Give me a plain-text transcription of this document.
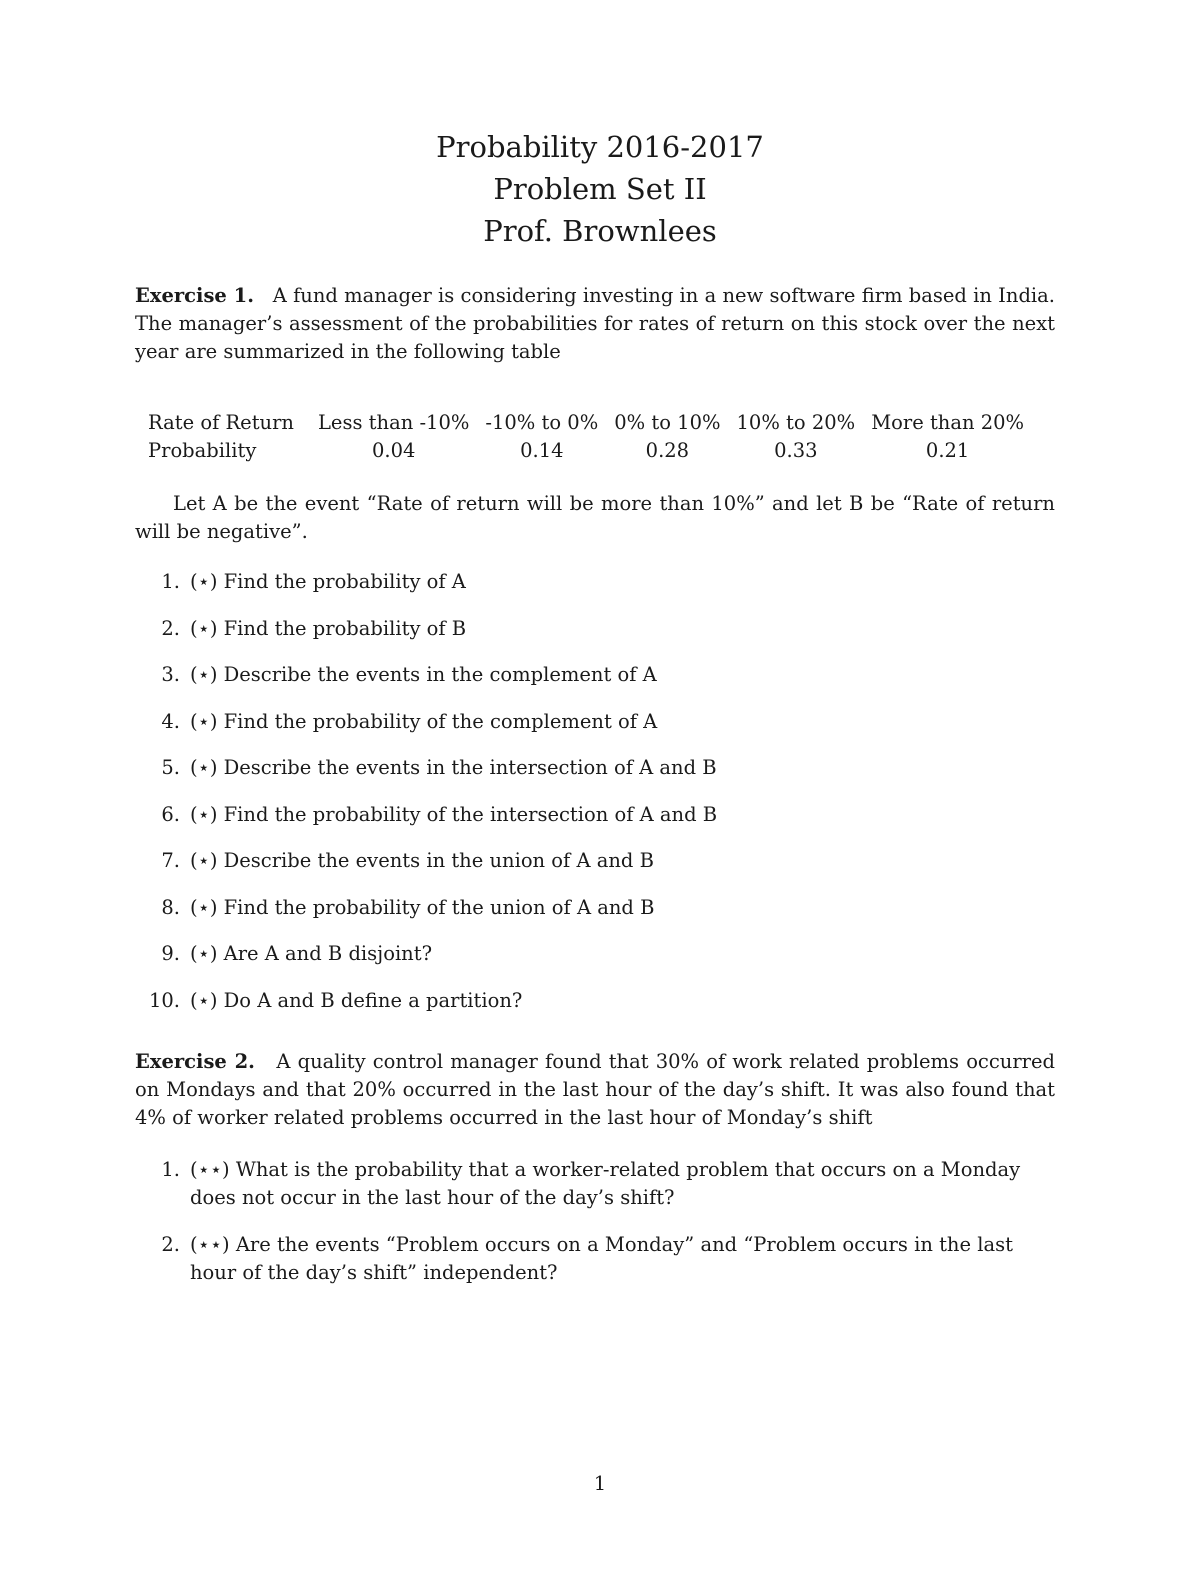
Probability 2016-2017
Problem Set II
Prof. Brownlees
Exercise 1. A fund manager is considering investing in a new software firm based in India. The manager’s assessment of the probabilities for rates of return on this stock over the next year are summarized in the following table
Rate of Return	Less than -10%	-10% to 0%	0% to 10%	10% to 20%	More than 20%
Probability	0.04	0.14	0.28	0.33	0.21
Let A be the event “Rate of return will be more than 10%” and let B be “Rate of return will be negative”.
1. (⋆) Find the probability of A
2. (⋆) Find the probability of B
3. (⋆) Describe the events in the complement of A
4. (⋆) Find the probability of the complement of A
5. (⋆) Describe the events in the intersection of A and B
6. (⋆) Find the probability of the intersection of A and B
7. (⋆) Describe the events in the union of A and B
8. (⋆) Find the probability of the union of A and B
9. (⋆) Are A and B disjoint?
10. (⋆) Do A and B define a partition?
Exercise 2. A quality control manager found that 30% of work related problems occurred on Mondays and that 20% occurred in the last hour of the day’s shift. It was also found that 4% of worker related problems occurred in the last hour of Monday’s shift
1. (⋆⋆) What is the probability that a worker-related problem that occurs on a Monday does not occur in the last hour of the day’s shift?
2. (⋆⋆) Are the events “Problem occurs on a Monday” and “Problem occurs in the last hour of the day’s shift” independent?
1
